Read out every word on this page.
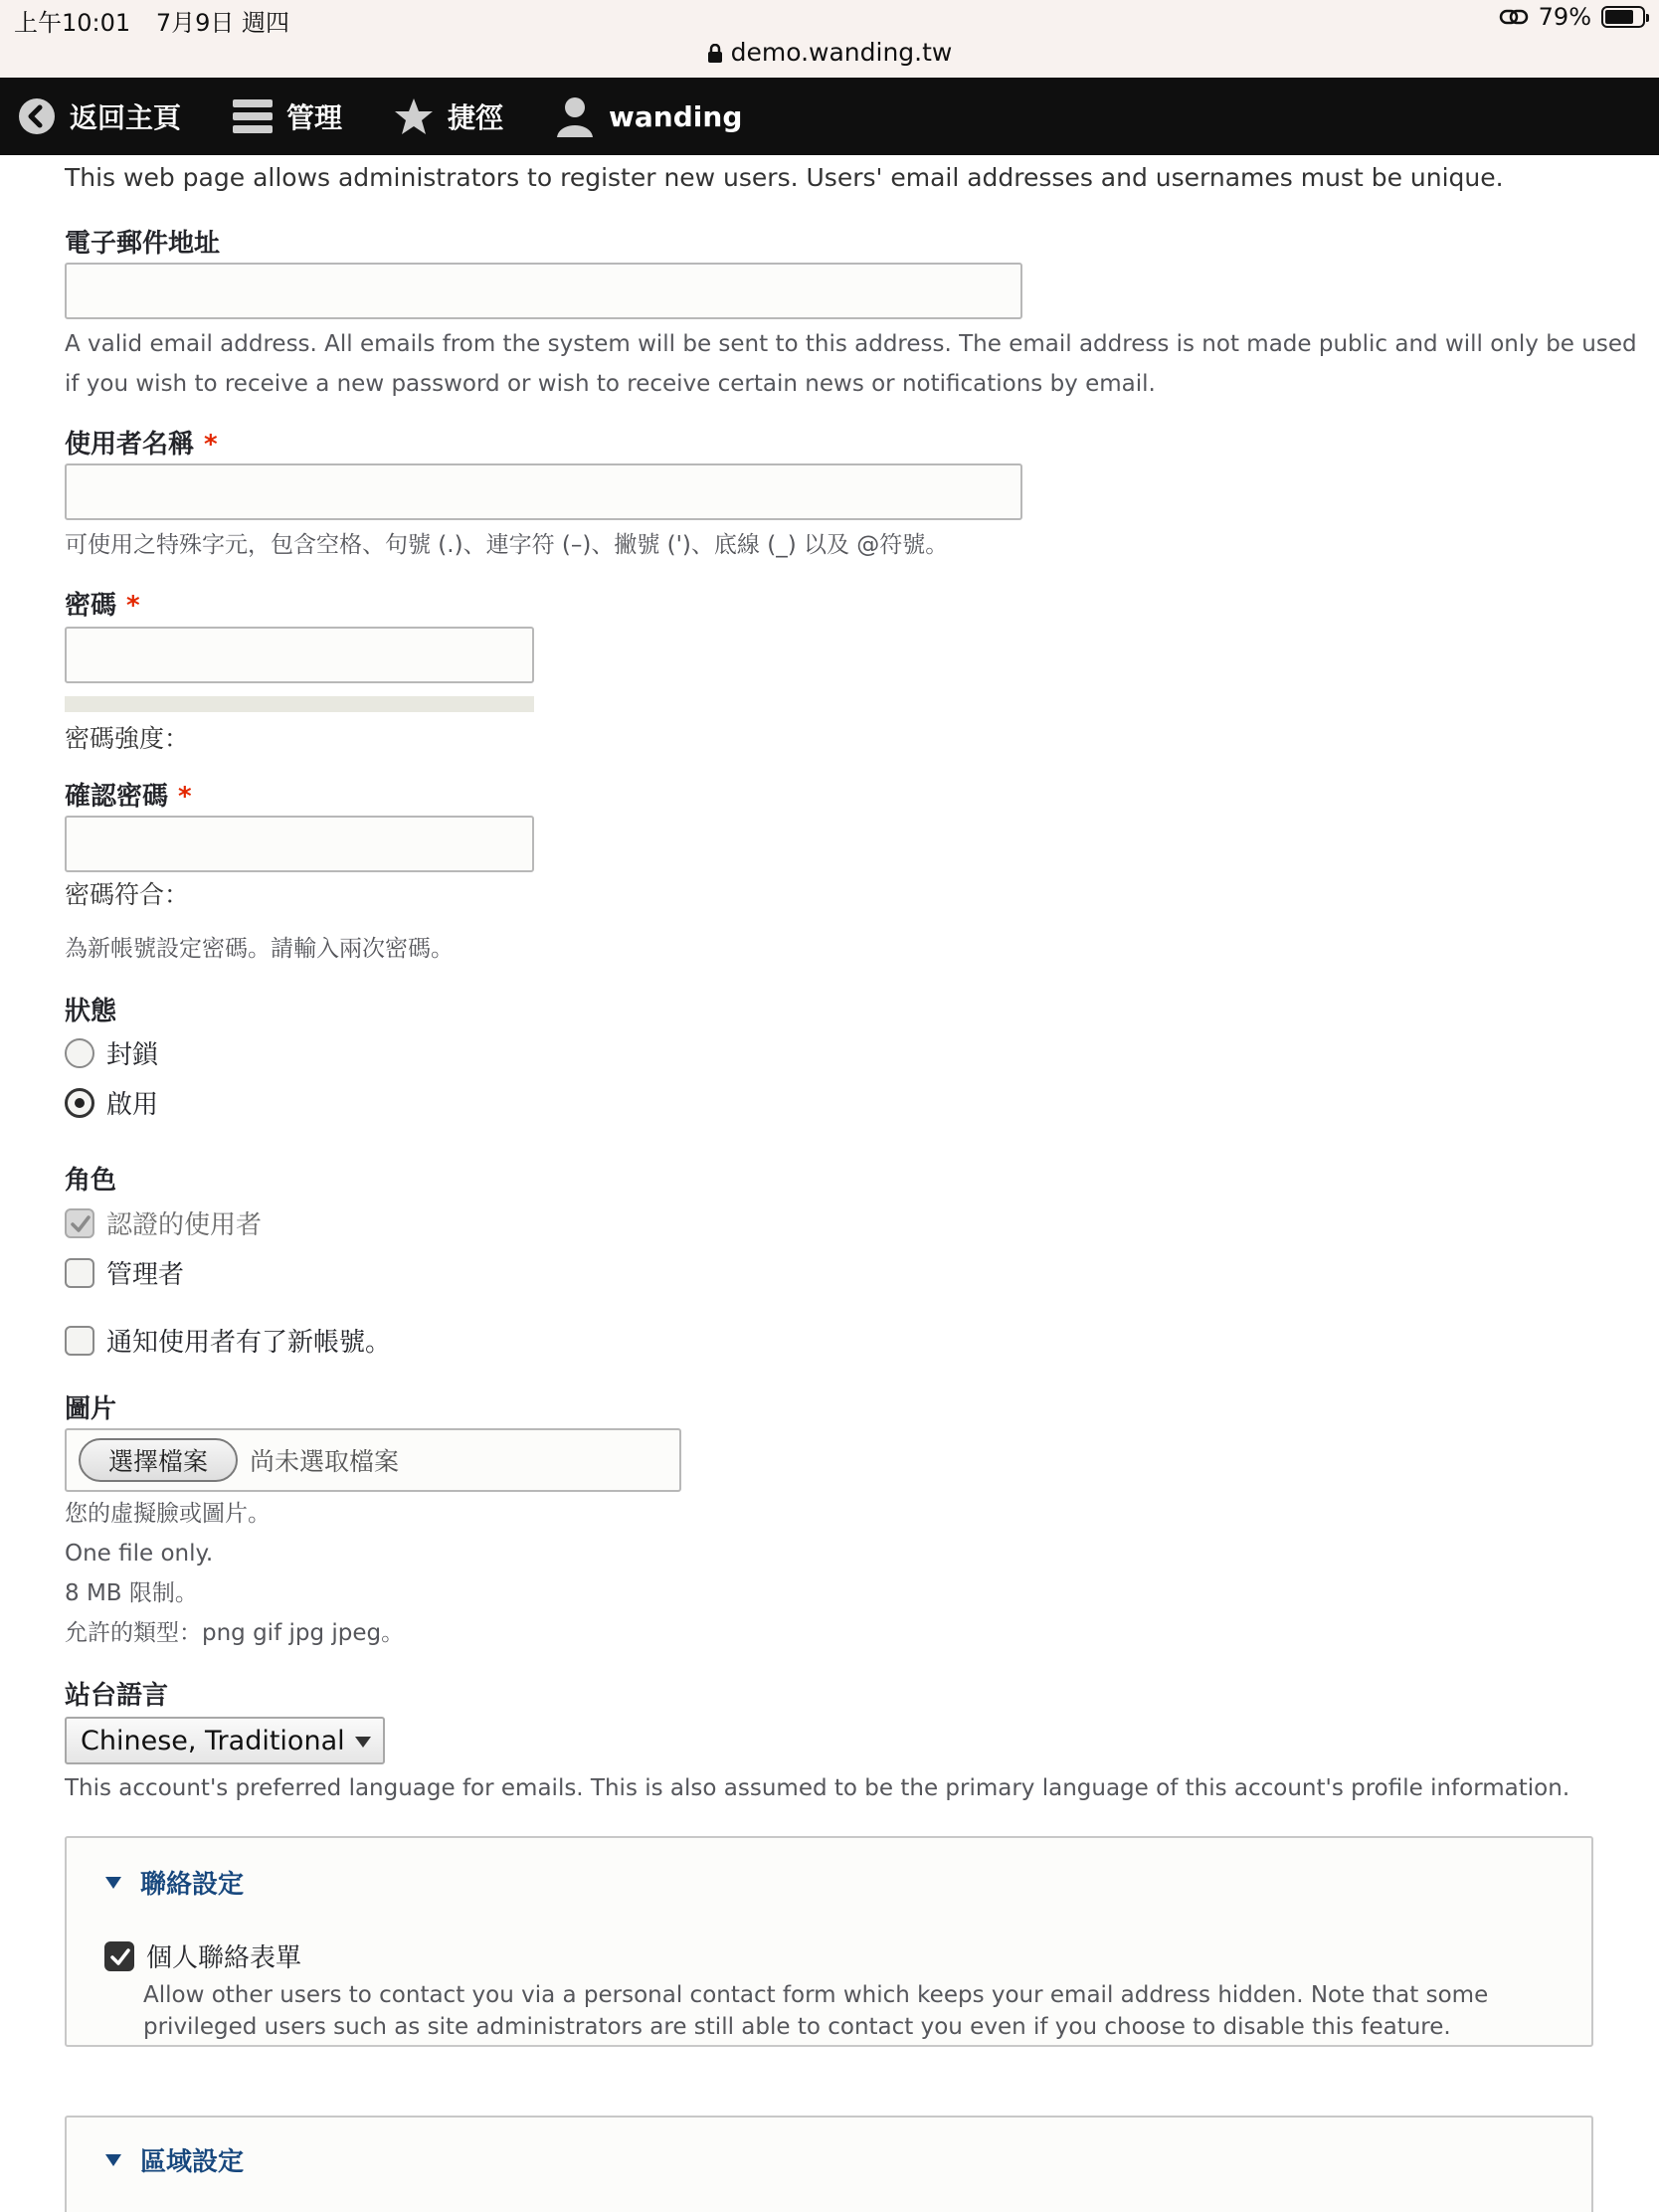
上午10:01 7月9日 週四	79%
demo.wanding.tw
返回主頁	管理	捷徑	wanding
This web page allows administrators to register new users. Users' email addresses and usernames must be unique.
電子郵件地址
A valid email address. All emails from the system will be sent to this address. The email address is not made public and will only be used
if you wish to receive a new password or wish to receive certain news or notifications by email.
使用者名稱 *
可使用之特殊字元，包含空格、句號 (.)、連字符 (–)、撇號 (')、底線 (_) 以及 @符號。
密碼 *
密碼強度：
確認密碼 *
密碼符合：
為新帳號設定密碼。請輸入兩次密碼。
狀態
封鎖
啟用
角色
認證的使用者
管理者
通知使用者有了新帳號。
圖片
選擇檔案	尚未選取檔案
您的虛擬臉或圖片。
One file only.
8 MB 限制。
允許的類型：png gif jpg jpeg。
站台語言
Chinese, Traditional
This account's preferred language for emails. This is also assumed to be the primary language of this account's profile information.
聯絡設定
個人聯絡表單
Allow other users to contact you via a personal contact form which keeps your email address hidden. Note that some
privileged users such as site administrators are still able to contact you even if you choose to disable this feature.
區域設定
